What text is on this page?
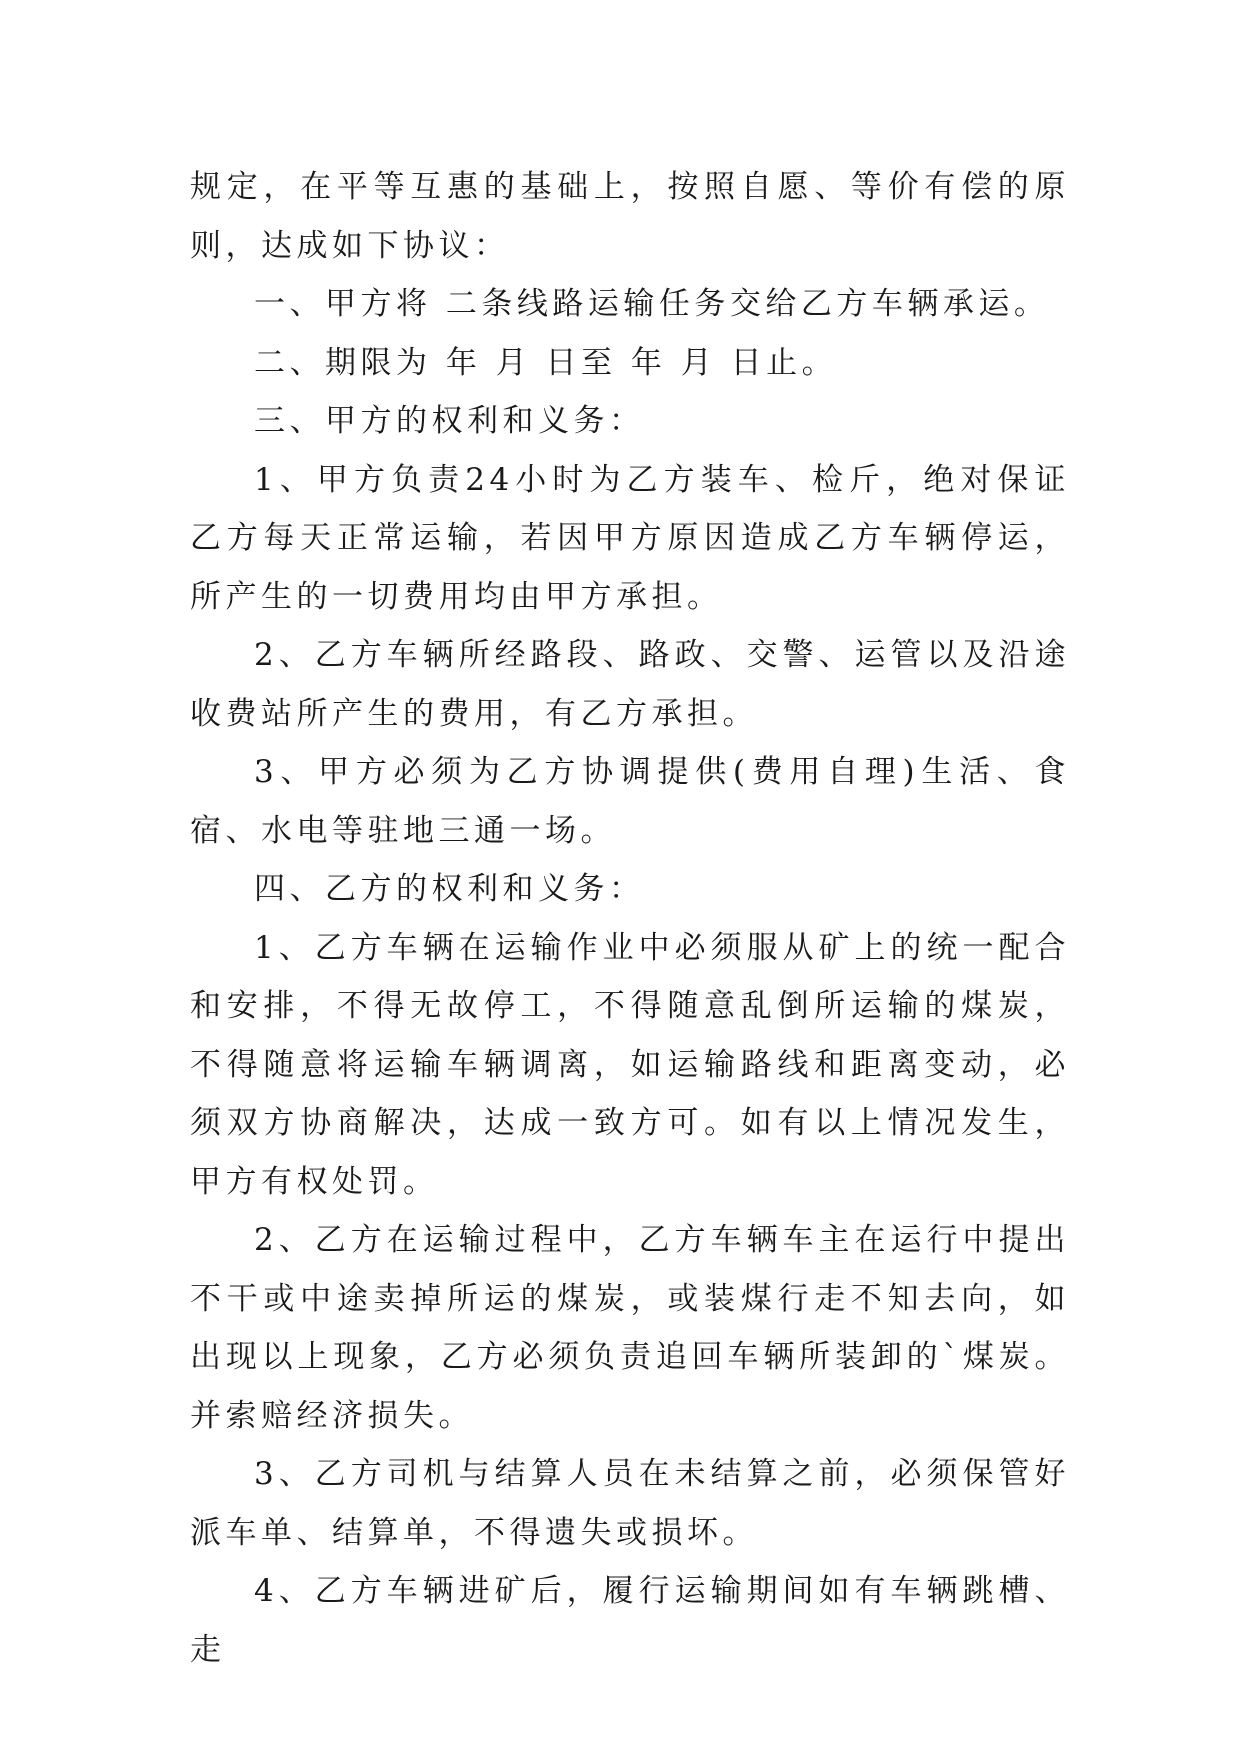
规定，在平等互惠的基础上，按照自愿、等价有偿的原则，达成如下协议：

一、甲方将 二条线路运输任务交给乙方车辆承运。

二、期限为 年 月 日至 年 月 日止。

三、甲方的权利和义务：

1、甲方负责24小时为乙方装车、检斤，绝对保证乙方每天正常运输，若因甲方原因造成乙方车辆停运，所产生的一切费用均由甲方承担。

2、乙方车辆所经路段、路政、交警、运管以及沿途收费站所产生的费用，有乙方承担。

3、甲方必须为乙方协调提供(费用自理)生活、食宿、水电等驻地三通一场。

四、乙方的权利和义务：

1、乙方车辆在运输作业中必须服从矿上的统一配合和安排，不得无故停工，不得随意乱倒所运输的煤炭，不得随意将运输车辆调离，如运输路线和距离变动，必须双方协商解决，达成一致方可。如有以上情况发生，甲方有权处罚。

2、乙方在运输过程中，乙方车辆车主在运行中提出不干或中途卖掉所运的煤炭，或装煤行走不知去向，如出现以上现象，乙方必须负责追回车辆所装卸的`煤炭。并索赔经济损失。

3、乙方司机与结算人员在未结算之前，必须保管好派车单、结算单，不得遗失或损坏。

4、乙方车辆进矿后，履行运输期间如有车辆跳槽、走
